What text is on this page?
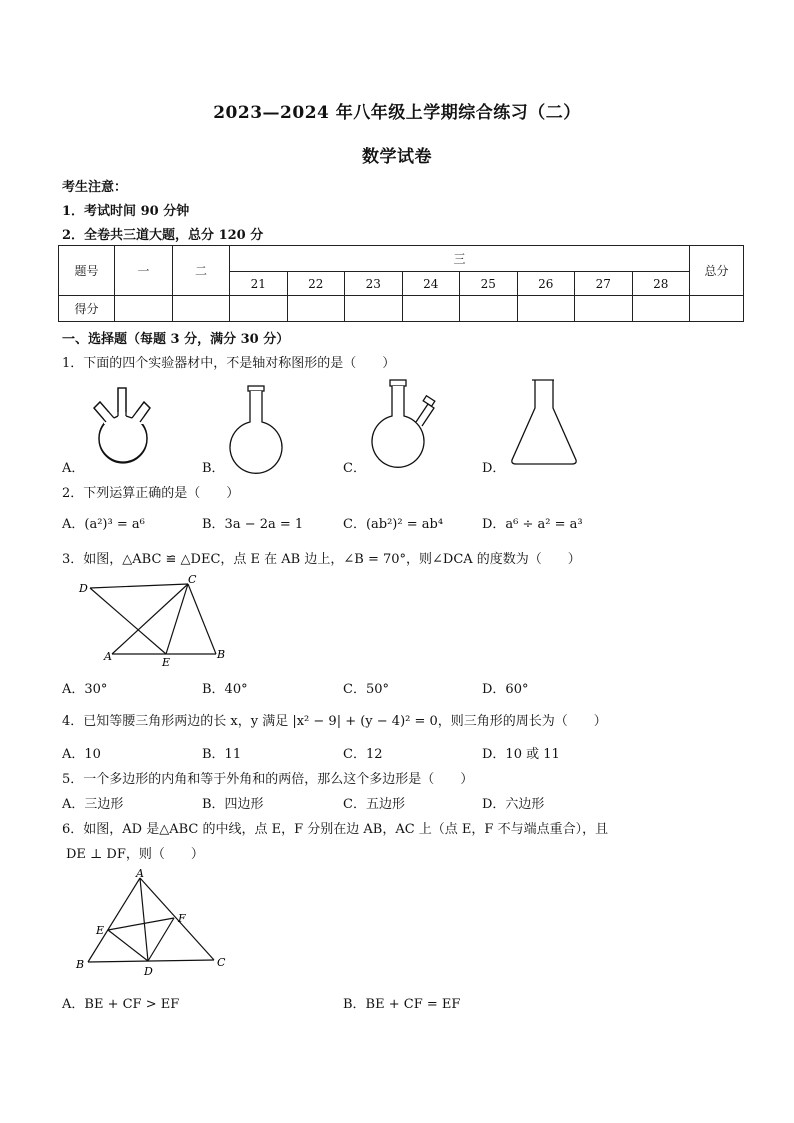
2023—2024 年八年级上学期综合练习（二）
数学试卷
考生注意：
1．考试时间 90 分钟
2．全卷共三道大题，总分 120 分
题号	一	二	三								总分
			21	22	23	24	25	26	27	28	
得分											
一、选择题（每题 3 分，满分 30 分）
1．下面的四个实验器材中，不是轴对称图形的是（　　）
A．	B．	C．	D．
2．下列运算正确的是（　　）
A．(a²)³ = a⁶	B．3a − 2a = 1	C．(ab²)² = ab⁴	D．a⁶ ÷ a² = a³
3．如图，△ABC ≌ △DEC，点 E 在 AB 边上，∠B = 70°，则∠DCA 的度数为（　　）
D
C
A	E
B
A．30°	B．40°	C．50°	D．60°
4．已知等腰三角形两边的长 x，y 满足 |x² − 9| + (y − 4)² = 0，则三角形的周长为（　　）
A．10	B．11	C．12	D．10 或 11
5．一个多边形的内角和等于外角和的两倍，那么这个多边形是（　　）
A．三边形	B．四边形	C．五边形	D．六边形
6．如图，AD 是△ABC 的中线，点 E，F 分别在边 AB，AC 上（点 E，F 不与端点重合），且
DE ⊥ DF，则（　　）
A
F
E
B
D
C
A．BE + CF > EF	B．BE + CF = EF
